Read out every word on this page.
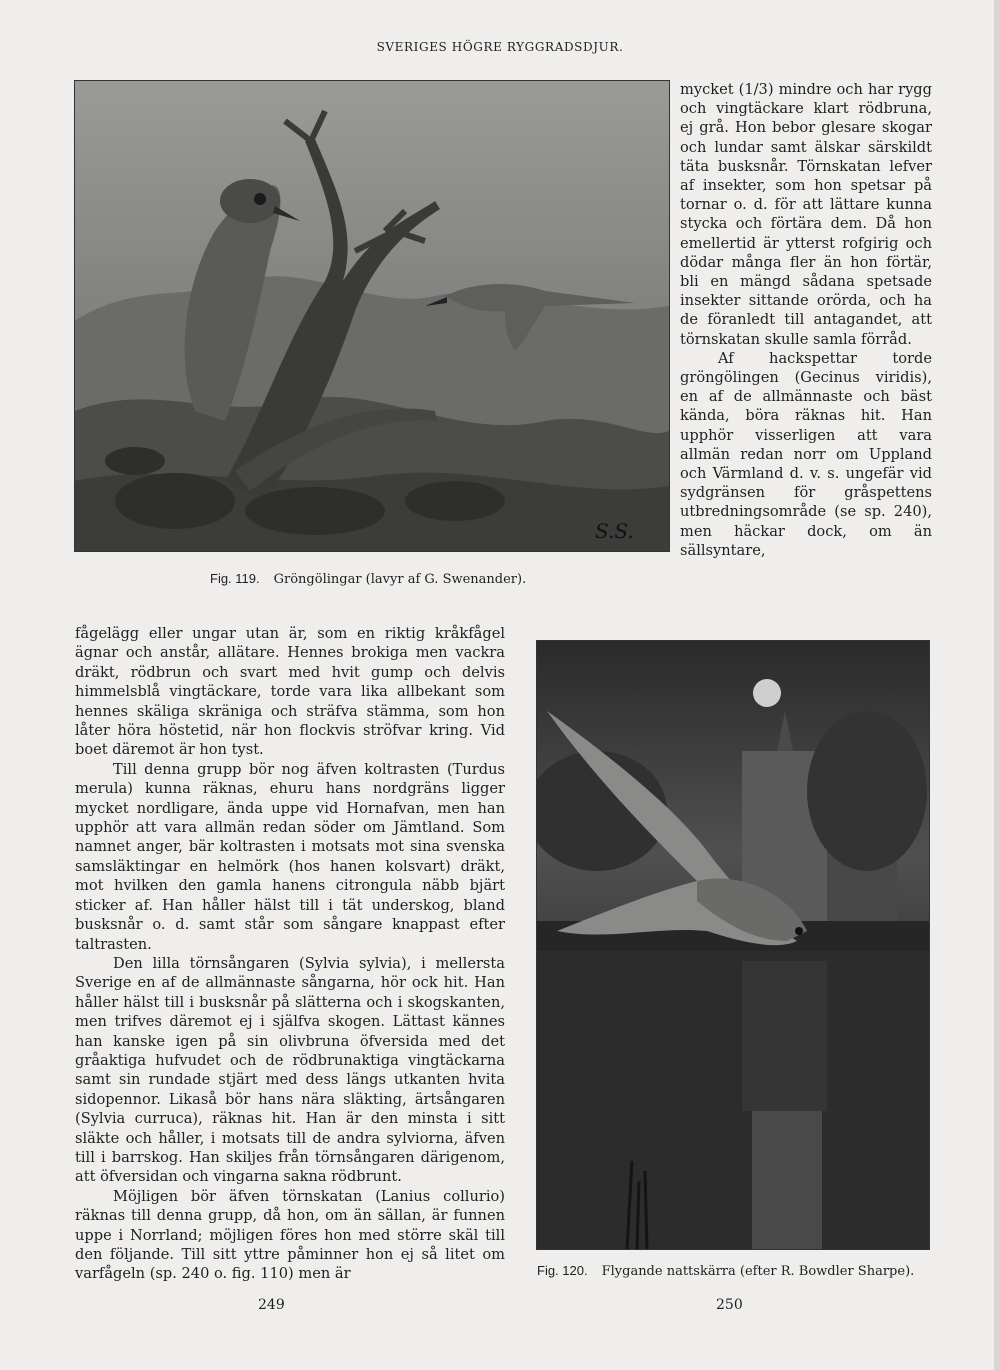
SVERIGES HÖGRE RYGGRADSDJUR.
S.S.
Fig. 119. Gröngölingar (lavyr af G. Swenander).

mycket (1/3) mindre och har rygg och vingtäckare klart rödbruna, ej grå. Hon bebor glesare skogar och lundar samt älskar särskildt täta busksnår. Törnskatan lefver af insekter, som hon spetsar på tornar o. d. för att lättare kunna stycka och förtära dem. Då hon emellertid är ytterst rofgirig och dödar många fler än hon förtär, bli en mängd sådana spetsade insekter sittande orörda, och ha de föranledt till antagandet, att törnskatan skulle samla förråd.

Af hackspettar torde gröngölingen (Gecinus viridis), en af de allmännaste och bäst kända, böra räknas hit. Han upphör visserligen att vara allmän redan norr om Uppland och Värmland d. v. s. ungefär vid sydgränsen för gråspettens utbredningsområde (se sp. 240), men häckar dock, om än sällsyntare,

fågelägg eller ungar utan är, som en riktig kråkfågel ägnar och anstår, allätare. Hennes brokiga men vackra dräkt, rödbrun och svart med hvit gump och delvis himmelsblå vingtäckare, torde vara lika allbekant som hennes skäliga skräniga och sträfva stämma, som hon låter höra höstetid, när hon flockvis ströfvar kring. Vid boet däremot är hon tyst.

Till denna grupp bör nog äfven koltrasten (Turdus merula) kunna räknas, ehuru hans nordgräns ligger mycket nordligare, ända uppe vid Hornafvan, men han upphör att vara allmän redan söder om Jämtland. Som namnet anger, bär koltrasten i motsats mot sina svenska samsläktingar en helmörk (hos hanen kolsvart) dräkt, mot hvilken den gamla hanens citrongula näbb bjärt sticker af. Han håller hälst till i tät underskog, bland busksnår o. d. samt står som sångare knappast efter taltrasten.

Den lilla törnsångaren (Sylvia sylvia), i mellersta Sverige en af de allmännaste sångarna, hör ock hit. Han håller hälst till i busksnår på slätterna och i skogskanten, men trifves däremot ej i själfva skogen. Lättast kännes han kanske igen på sin olivbruna öfversida med det gråaktiga hufvudet och de rödbrunaktiga vingtäckarna samt sin rundade stjärt med dess längs utkanten hvita sidopennor. Likaså bör hans nära släkting, ärtsångaren (Sylvia curruca), räknas hit. Han är den minsta i sitt släkte och håller, i motsats till de andra sylviorna, äfven till i barrskog. Han skiljes från törnsångaren därigenom, att öfversidan och vingarna sakna rödbrunt.

Möjligen bör äfven törnskatan (Lanius collurio) räknas till denna grupp, då hon, om än sällan, är funnen uppe i Norrland; möjligen föres hon med större skäl till den följande. Till sitt yttre påminner hon ej så litet om varfågeln (sp. 240 o. fig. 110) men är	Fig. 120. Flygande nattskärra (efter R. Bowdler Sharpe).
249	250
